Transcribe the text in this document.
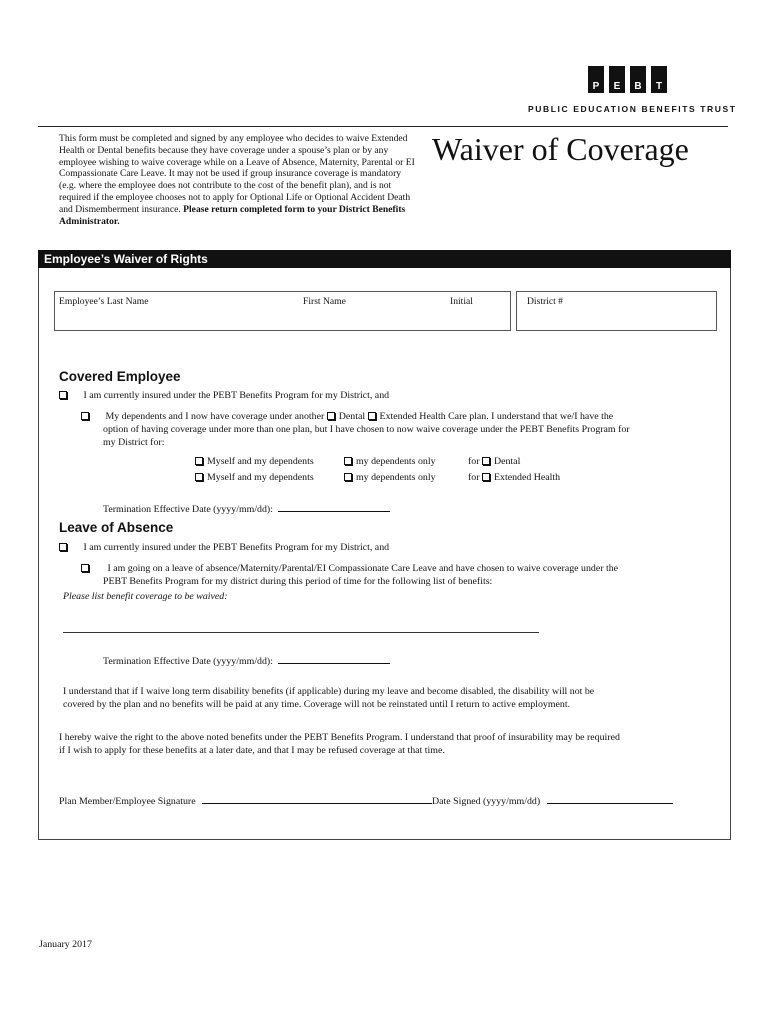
P	E	B	T
PUBLIC EDUCATION BENEFITS TRUST
This form must be completed and signed by any employee who decides to waive Extended Health or Dental benefits because they have coverage under a spouse’s plan or by any employee wishing to waive coverage while on a Leave of Absence, Maternity, Parental or EI Compassionate Care Leave. It may not be used if group insurance coverage is mandatory (e.g. where the employee does not contribute to the cost of the benefit plan), and is not required if the employee chooses not to apply for Optional Life or Optional Accident Death and Dismemberment insurance. Please return completed form to your District Benefits Administrator.
Waiver of Coverage
Employee’s Waiver of Rights
Employee’s Last Name	First Name	Initial	District #
Covered Employee
I am currently insured under the PEBT Benefits Program for my District, and
My dependents and I now have coverage under another Dental Extended Health Care plan. I understand that we/I have the
option of having coverage under more than one plan, but I have chosen to now waive coverage under the PEBT Benefits Program for
my District for:
Myself and my dependents	my dependents only	for Dental
Myself and my dependents	my dependents only	for Extended Health
Termination Effective Date (yyyy/mm/dd):
Leave of Absence
I am currently insured under the PEBT Benefits Program for my District, and
I am going on a leave of absence/Maternity/Parental/EI Compassionate Care Leave and have chosen to waive coverage under the
PEBT Benefits Program for my district during this period of time for the following list of benefits:
Please list benefit coverage to be waived:
Termination Effective Date (yyyy/mm/dd):
I understand that if I waive long term disability benefits (if applicable) during my leave and become disabled, the disability will not be
covered by the plan and no benefits will be paid at any time. Coverage will not be reinstated until I return to active employment.
I hereby waive the right to the above noted benefits under the PEBT Benefits Program. I understand that proof of insurability may be required
if I wish to apply for these benefits at a later date, and that I may be refused coverage at that time.
Plan Member/Employee Signature	Date Signed (yyyy/mm/dd)
January 2017
